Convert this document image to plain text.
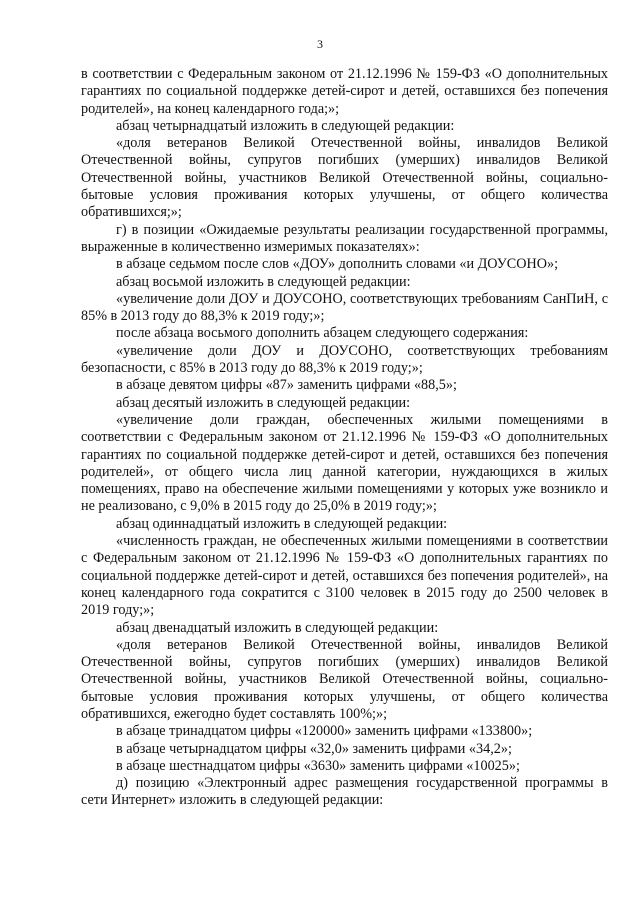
3

в соответствии с Федеральным законом от 21.12.1996 № 159-ФЗ «О дополнительных гарантиях по социальной поддержке детей-сирот и детей, оставшихся без попечения родителей», на конец календарного года;»;

абзац четырнадцатый изложить в следующей редакции:

«доля ветеранов Великой Отечественной войны, инвалидов Великой Отечественной войны, супругов погибших (умерших) инвалидов Великой Отечественной войны, участников Великой Отечественной войны, социально-бытовые условия проживания которых улучшены, от общего количества обратившихся;»;

г) в позиции «Ожидаемые результаты реализации государственной программы, выраженные в количественно измеримых показателях»:

в абзаце седьмом после слов «ДОУ» дополнить словами «и ДОУСОНО»;

абзац восьмой изложить в следующей редакции:

«увеличение доли ДОУ и ДОУСОНО, соответствующих требованиям СанПиН, с 85% в 2013 году до 88,3% к 2019 году;»;

после абзаца восьмого дополнить абзацем следующего содержания:

«увеличение доли ДОУ и ДОУСОНО, соответствующих требованиям безопасности, с 85% в 2013 году до 88,3% к 2019 году;»;

в абзаце девятом цифры «87» заменить цифрами «88,5»;

абзац десятый изложить в следующей редакции:

«увеличение доли граждан, обеспеченных жилыми помещениями в соответствии с Федеральным законом от 21.12.1996 № 159-ФЗ «О дополнительных гарантиях по социальной поддержке детей-сирот и детей, оставшихся без попечения родителей», от общего числа лиц данной категории, нуждающихся в жилых помещениях, право на обеспечение жилыми помещениями у которых уже возникло и не реализовано, с 9,0% в 2015 году до 25,0% в 2019 году;»;

абзац одиннадцатый изложить в следующей редакции:

«численность граждан, не обеспеченных жилыми помещениями в соответствии с Федеральным законом от 21.12.1996 № 159-ФЗ «О дополнительных гарантиях по социальной поддержке детей-сирот и детей, оставшихся без попечения родителей», на конец календарного года сократится с 3100 человек в 2015 году до 2500 человек в 2019 году;»;

абзац двенадцатый изложить в следующей редакции:

«доля ветеранов Великой Отечественной войны, инвалидов Великой Отечественной войны, супругов погибших (умерших) инвалидов Великой Отечественной войны, участников Великой Отечественной войны, социально-бытовые условия проживания которых улучшены, от общего количества обратившихся, ежегодно будет составлять 100%;»;

в абзаце тринадцатом цифры «120000» заменить цифрами «133800»;

в абзаце четырнадцатом цифры «32,0» заменить цифрами «34,2»;

в абзаце шестнадцатом цифры «3630» заменить цифрами «10025»;

д) позицию «Электронный адрес размещения государственной программы в сети Интернет» изложить в следующей редакции:
